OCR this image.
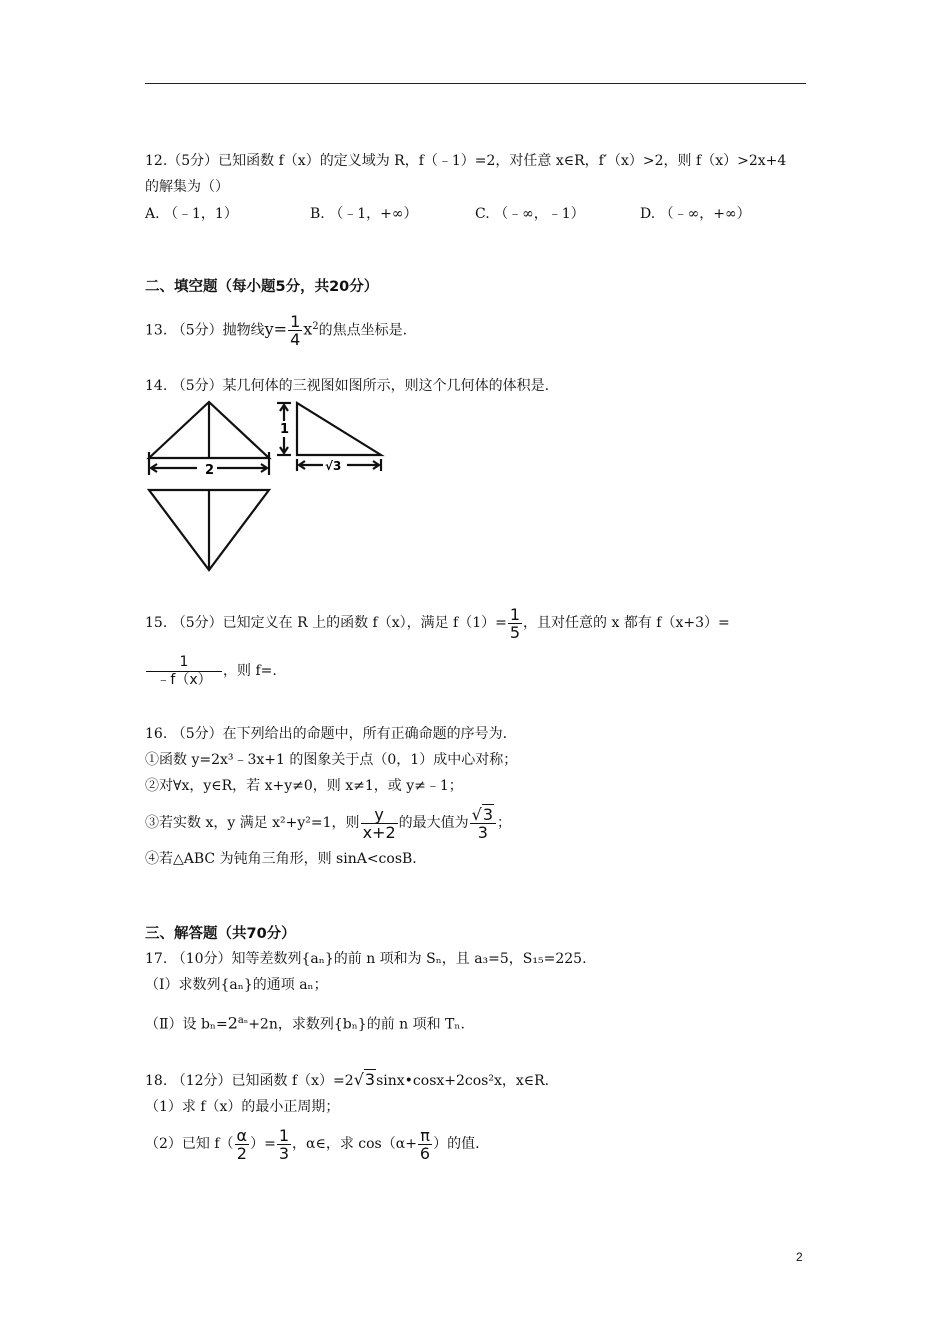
12.（5分）已知函数 f（x）的定义域为 R，f（﹣1）=2，对任意 x∈R，f′（x）>2，则 f（x）>2x+4
的解集为（）
A. （﹣1，1）	B. （﹣1，+∞）	C. （﹣∞，﹣1）	D. （﹣∞，+∞）
二、填空题（每小题5分，共20分）
13. （5分）抛物线$y= \frac{1}{4} x^2$的焦点坐标是.
14. （5分）某几何体的三视图如图所示，则这个几何体的体积是.
2
1
√3
15. （5分）已知定义在 R 上的函数 f（x），满足 $f(1)= \frac{1}{5}$ ，且对任意的 x 都有 f（x+3）=
$\frac{1}{﹣f(x)}$ ，则 f=.
16. （5分）在下列给出的命题中，所有正确命题的序号为.
①函数 y=2x³﹣3x+1 的图象关于点（0，1）成中心对称；
②对∀x，y∈R，若 x+y≠0，则 x≠1，或 y≠﹣1；
③若实数 x，y 满足 x²+y²=1，则 $\frac{y}{x+2}$ 的最大值为 $\frac{√3}{3}$ ；
④若△ABC 为钝角三角形，则 sinA<cosB.
三、解答题（共70分）
17. （10分）知等差数列{aₙ}的前 n 项和为 Sₙ，且 a₃=5，S₁₅=225.
（Ⅰ）求数列{aₙ}的通项 aₙ；
（Ⅱ）设 $b_n=2^{a_n}+2n$，求数列{bₙ}的前 n 项和 Tₙ.
18. （12分）已知函数 f（x）=2√3sinx•cosx+2cos²x，x∈R.
（1）求 f（x）的最小正周期；
（2）已知 $f( \frac{\alpha}{2}$ ）= $\frac{1}{3}$ ，α∈，求 $\cos(\alpha+ \frac{\pi}{6}$ ）的值.
2
